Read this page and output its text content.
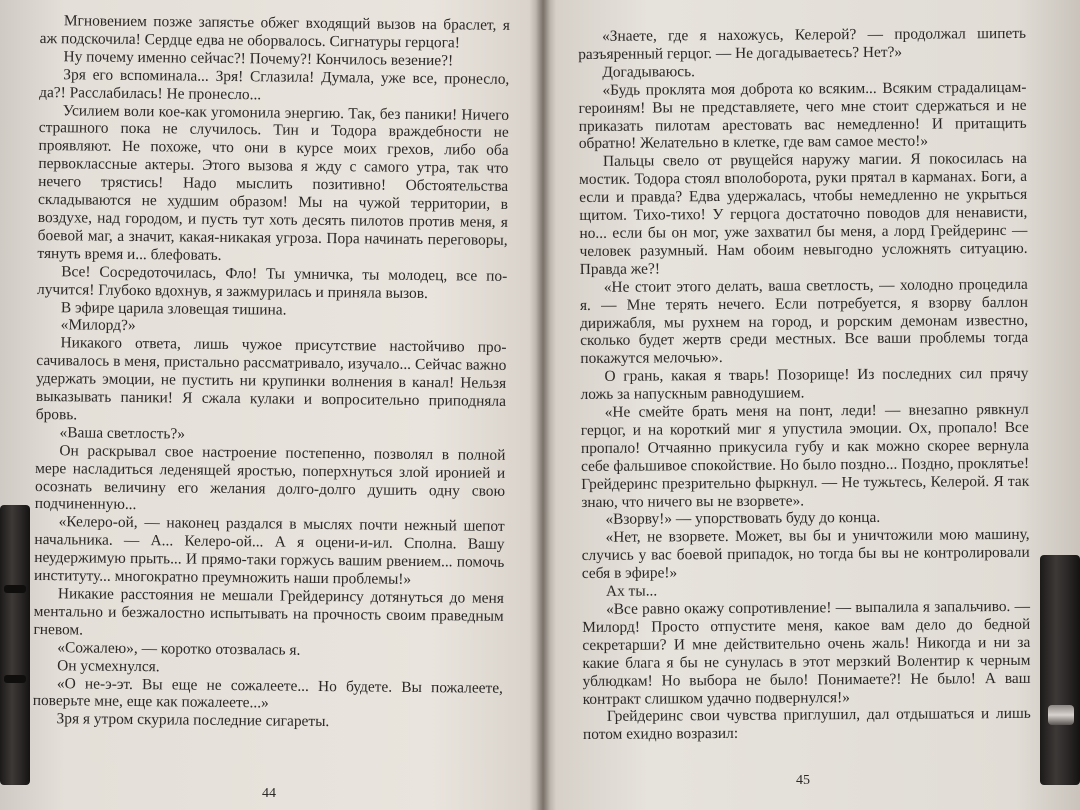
Мгновением позже запястье обжег входящий вызов на браслет, я аж подскочила! Сердце едва не оборвалось. Сигнатуры герцога!

Ну почему именно сейчас?! Почему?! Кончилось везение?!

Зря его вспоминала... Зря! Сглазила! Думала, уже все, пронесло, да?! Расслабилась! Не пронесло...

Усилием воли кое-как угомонила энергию. Так, без паники! Ничего страшного пока не случилось. Тин и Тодора враждебности не проявляют. Не похоже, что они в курсе моих грехов, либо оба первоклассные актеры. Этого вызова я жду с самого утра, так что нечего трястись! Надо мыслить позитивно! Обстоятельства складываются не худшим образом! Мы на чужой территории, в воздухе, над городом, и пусть тут хоть десять пилотов против меня, я боевой маг, а значит, какая-никакая угроза. Пора начинать переговоры, тянуть время и... блефовать.

Все! Сосредоточилась, Фло! Ты умничка, ты молодец, все получится! Глубоко вдохнув, я зажмурилась и приняла вызов.

В эфире царила зловещая тишина.

«Милорд?»

Никакого ответа, лишь чужое присутствие настойчиво просачивалось в меня, пристально рассматривало, изучало... Сейчас важно удержать эмоции, не пустить ни крупинки волнения в канал! Нельзя выказывать паники! Я сжала кулаки и вопросительно приподняла бровь.

«Ваша светлость?»

Он раскрывал свое настроение постепенно, позволял в полной мере насладиться леденящей яростью, поперхнуться злой иронией и осознать величину его желания долго-долго душить одну свою подчиненную...

«Келеро-ой, — наконец раздался в мыслях почти нежный шепот начальника. — А... Келеро-ой... А я оцени-и-ил. Сполна. Вашу неудержимую прыть... И прямо-таки горжусь вашим рвением... помочь институту... многократно преумножить наши проблемы!»

Никакие расстояния не мешали Грейдеринсу дотянуться до меня ментально и безжалостно испытывать на прочность своим праведным гневом.

«Сожалею», — коротко отозвалась я.

Он усмехнулся.

«О не-э-эт. Вы еще не сожалеете... Но будете. Вы пожалеете, поверьте мне, еще как пожалеете...»

Зря я утром скурила последние сигареты.

44

«Знаете, где я нахожусь, Келерой? — продолжал шипеть разъяренный герцог. — Не догадываетесь? Нет?»

Догадываюсь.

«Будь проклята моя доброта ко всяким... Всяким страдалицам-героиням! Вы не представляете, чего мне стоит сдержаться и не приказать пилотам арестовать вас немедленно! И притащить обратно! Желательно в клетке, где вам самое место!»

Пальцы свело от рвущейся наружу магии. Я покосилась на мостик. Тодора стоял вполоборота, руки прятал в карманах. Боги, а если и правда? Едва удержалась, чтобы немедленно не укрыться щитом. Тихо-тихо! У герцога достаточно поводов для ненависти, но... если бы он мог, уже захватил бы меня, а лорд Грейдеринс — человек разумный. Нам обоим невыгодно усложнять ситуацию. Правда же?!

«Не стоит этого делать, ваша светлость, — холодно процедила я. — Мне терять нечего. Если потребуется, я взорву баллон дирижабля, мы рухнем на город, и рорским демонам известно, сколько будет жертв среди местных. Все ваши проблемы тогда покажутся мелочью».

О грань, какая я тварь! Позорище! Из последних сил прячу ложь за напускным равнодушием.

«Не смейте брать меня на понт, леди! — внезапно рявкнул герцог, и на короткий миг я упустила эмоции. Ох, пропало! Все пропало! Отчаянно прикусила губу и как можно скорее вернула себе фальшивое спокойствие. Но было поздно... Поздно, проклятье! Грейдеринс презрительно фыркнул. — Не тужьтесь, Келерой. Я так знаю, что ничего вы не взорвете».

«Взорву!» — упорствовать буду до конца.

«Нет, не взорвете. Может, вы бы и уничтожили мою машину, случись у вас боевой припадок, но тогда бы вы не контролировали себя в эфире!»

Ах ты...

«Все равно окажу сопротивление! — выпалила я запальчиво. — Милорд! Просто отпустите меня, какое вам дело до бедной секретарши? И мне действительно очень жаль! Никогда и ни за какие блага я бы не сунулась в этот мерзкий Волентир к черным ублюдкам! Но выбора не было! Понимаете?! Не было! А ваш контракт слишком удачно подвернулся!»

Грейдеринс свои чувства приглушил, дал отдышаться и лишь потом ехидно возразил:

45
